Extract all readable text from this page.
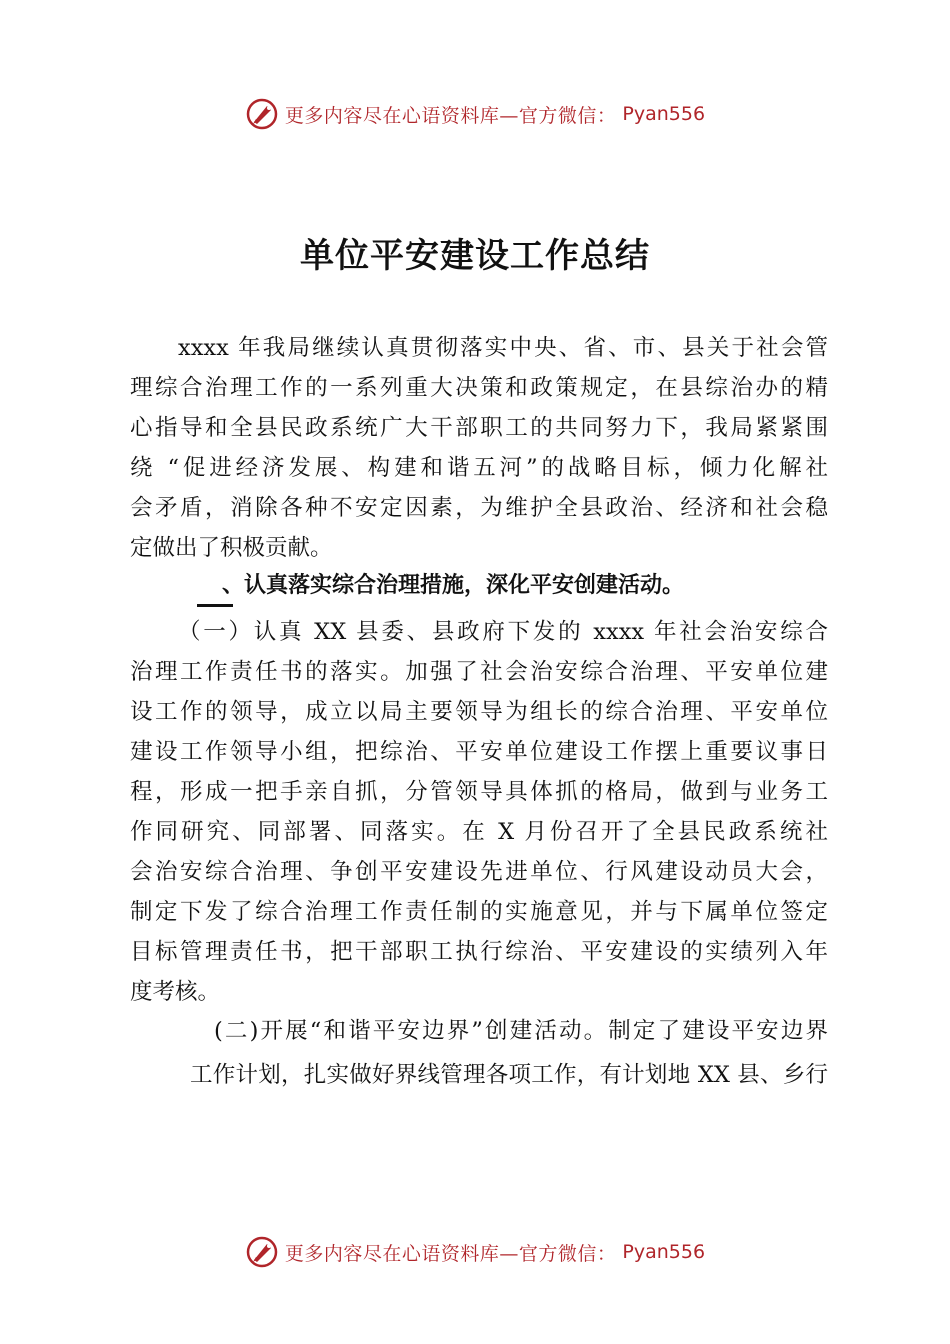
更多内容尽在心语资料库—官方微信： Pyan556
单位平安建设工作总结
xxxx 年我局继续认真贯彻落实中央、省、市、县关于社会管
理综合治理工作的一系列重大决策和政策规定，在县综治办的精
心指导和全县民政系统广大干部职工的共同努力下，我局紧紧围
绕 “促进经济发展、构建和谐五河”的战略目标，倾力化解社
会矛盾，消除各种不安定因素，为维护全县政治、经济和社会稳
定做出了积极贡献。
、认真落实综合治理措施，深化平安创建活动。
（一）认真 XX 县委、县政府下发的 xxxx 年社会治安综合
治理工作责任书的落实。加强了社会治安综合治理、平安单位建
设工作的领导，成立以局主要领导为组长的综合治理、平安单位
建设工作领导小组，把综治、平安单位建设工作摆上重要议事日
程，形成一把手亲自抓，分管领导具体抓的格局，做到与业务工
作同研究、同部署、同落实。在 X 月份召开了全县民政系统社
会治安综合治理、争创平安建设先进单位、行风建设动员大会，
制定下发了综合治理工作责任制的实施意见，并与下属单位签定
目标管理责任书，把干部职工执行综治、平安建设的实绩列入年
度考核。
(二)开展“和谐平安边界”创建活动。制定了建设平安边界
工作计划，扎实做好界线管理各项工作，有计划地 XX 县、乡行
更多内容尽在心语资料库—官方微信： Pyan556
